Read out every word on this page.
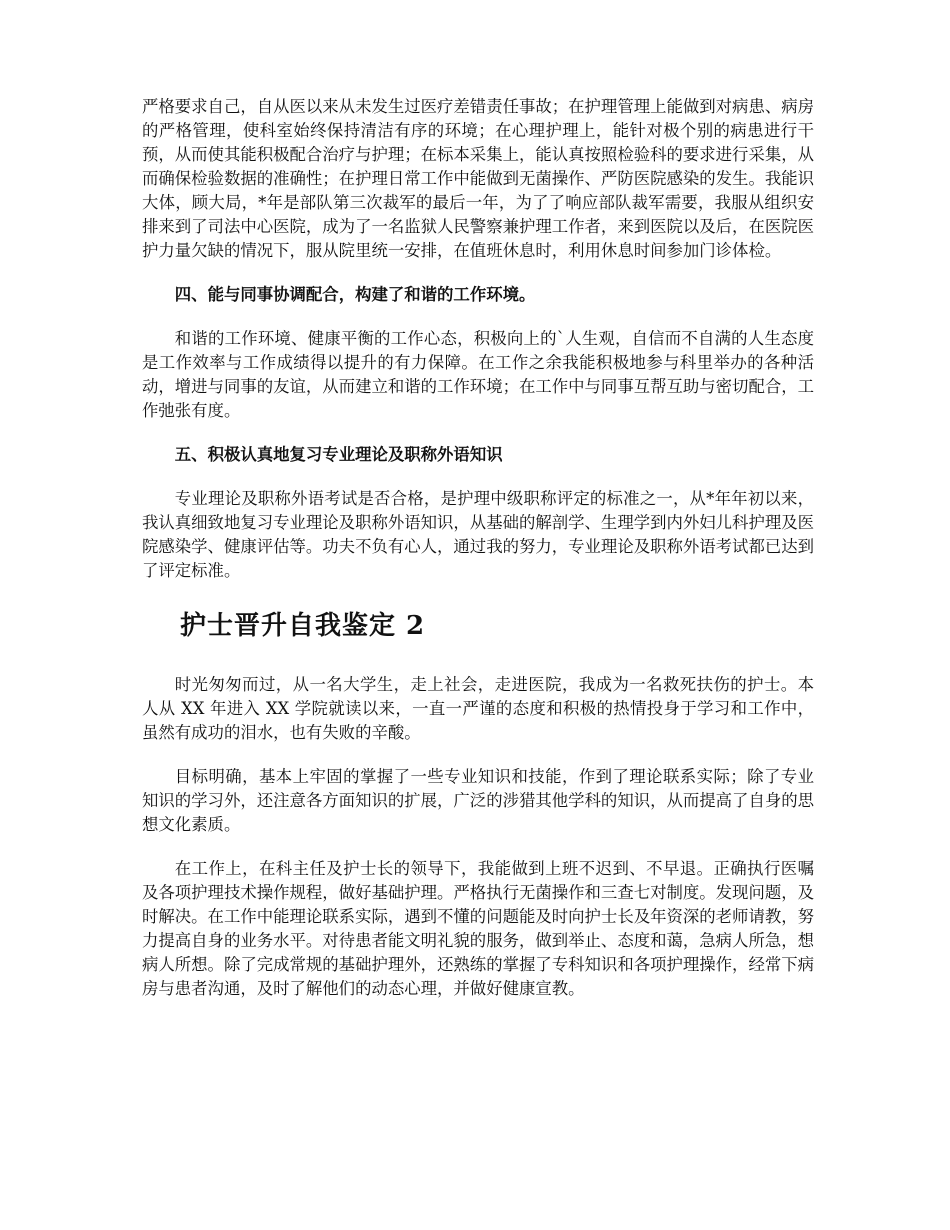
严格要求自己，自从医以来从未发生过医疗差错责任事故；在护理管理上能做到对病患、病房的严格管理，使科室始终保持清洁有序的环境；在心理护理上，能针对极个别的病患进行干预，从而使其能积极配合治疗与护理；在标本采集上，能认真按照检验科的要求进行采集，从而确保检验数据的准确性；在护理日常工作中能做到无菌操作、严防医院感染的发生。我能识大体，顾大局，*年是部队第三次裁军的最后一年，为了了响应部队裁军需要，我服从组织安排来到了司法中心医院，成为了一名监狱人民警察兼护理工作者，来到医院以及后，在医院医护力量欠缺的情况下，服从院里统一安排，在值班休息时，利用休息时间参加门诊体检。

四、能与同事协调配合，构建了和谐的工作环境。

和谐的工作环境、健康平衡的工作心态，积极向上的`人生观，自信而不自满的人生态度是工作效率与工作成绩得以提升的有力保障。在工作之余我能积极地参与科里举办的各种活动，增进与同事的友谊，从而建立和谐的工作环境；在工作中与同事互帮互助与密切配合，工作弛张有度。

五、积极认真地复习专业理论及职称外语知识

专业理论及职称外语考试是否合格，是护理中级职称评定的标准之一，从*年年初以来，我认真细致地复习专业理论及职称外语知识，从基础的解剖学、生理学到内外妇儿科护理及医院感染学、健康评估等。功夫不负有心人，通过我的努力，专业理论及职称外语考试都已达到了评定标准。

护士晋升自我鉴定 2

时光匆匆而过，从一名大学生，走上社会，走进医院，我成为一名救死扶伤的护士。本人从 XX 年进入 XX 学院就读以来，一直一严谨的态度和积极的热情投身于学习和工作中，虽然有成功的泪水，也有失败的辛酸。

目标明确，基本上牢固的掌握了一些专业知识和技能，作到了理论联系实际；除了专业知识的学习外，还注意各方面知识的扩展，广泛的涉猎其他学科的知识，从而提高了自身的思想文化素质。

在工作上，在科主任及护士长的领导下，我能做到上班不迟到、不早退。正确执行医嘱及各项护理技术操作规程，做好基础护理。严格执行无菌操作和三查七对制度。发现问题，及时解决。在工作中能理论联系实际，遇到不懂的问题能及时向护士长及年资深的老师请教，努力提高自身的业务水平。对待患者能文明礼貌的服务，做到举止、态度和蔼，急病人所急，想病人所想。除了完成常规的基础护理外，还熟练的掌握了专科知识和各项护理操作，经常下病房与患者沟通，及时了解他们的动态心理，并做好健康宣教。
